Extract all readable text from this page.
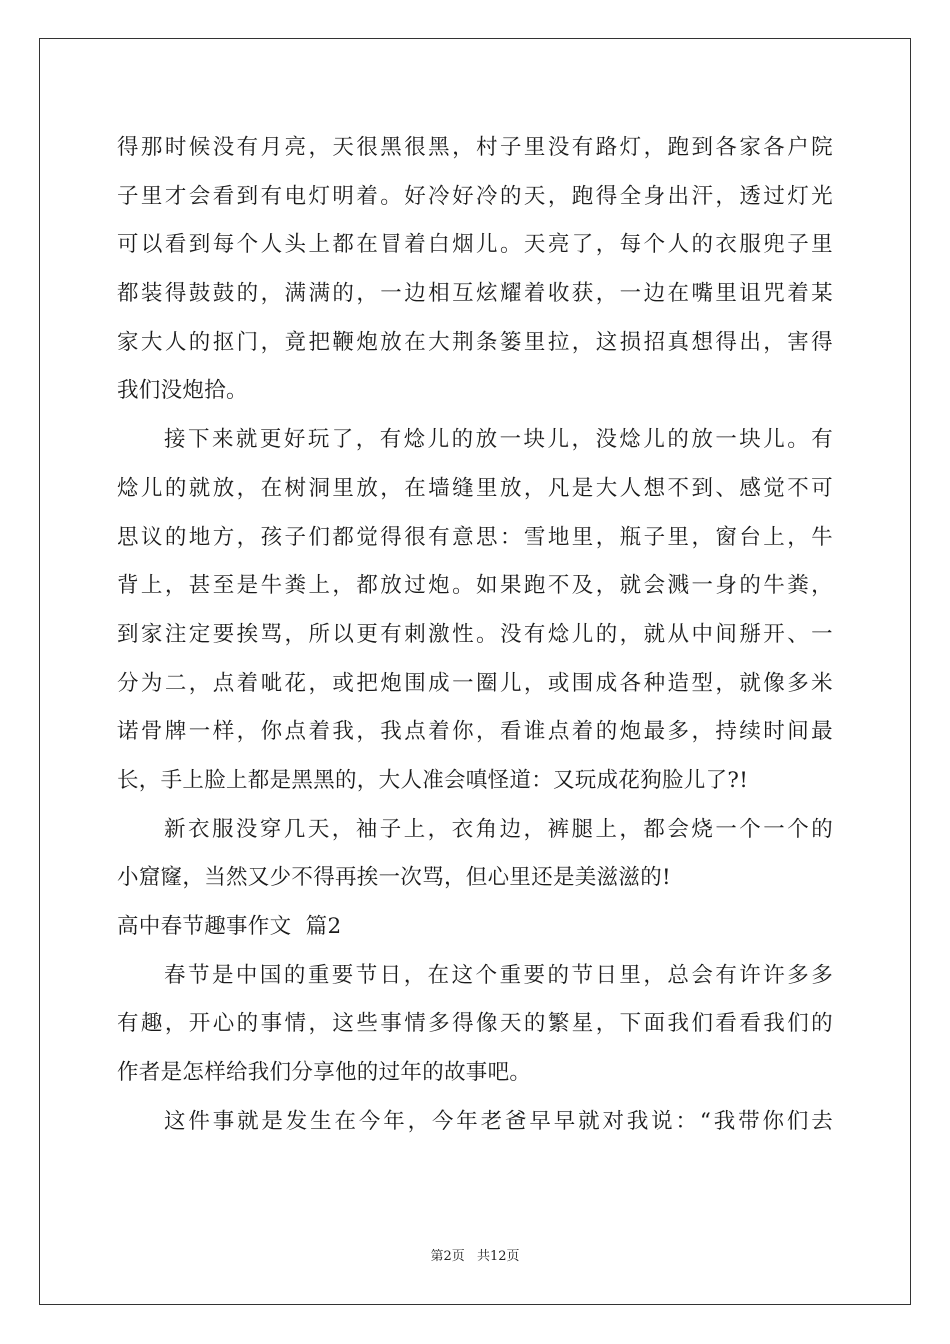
得那时候没有月亮，天很黑很黑，村子里没有路灯，跑到各家各户院
子里才会看到有电灯明着。好冷好冷的天，跑得全身出汗，透过灯光
可以看到每个人头上都在冒着白烟儿。天亮了，每个人的衣服兜子里
都装得鼓鼓的，满满的，一边相互炫耀着收获，一边在嘴里诅咒着某
家大人的抠门，竟把鞭炮放在大荆条篓里拉，这损招真想得出，害得
我们没炮拾。
接下来就更好玩了，有焾儿的放一块儿，没焾儿的放一块儿。有
焾儿的就放，在树洞里放，在墙缝里放，凡是大人想不到、感觉不可
思议的地方，孩子们都觉得很有意思：雪地里，瓶子里，窗台上，牛
背上，甚至是牛粪上，都放过炮。如果跑不及，就会溅一身的牛粪，
到家注定要挨骂，所以更有刺激性。没有焾儿的，就从中间掰开、一
分为二，点着呲花，或把炮围成一圈儿，或围成各种造型，就像多米
诺骨牌一样，你点着我，我点着你，看谁点着的炮最多，持续时间最
长，手上脸上都是黑黑的，大人准会嗔怪道：又玩成花狗脸儿了?!
新衣服没穿几天，袖子上，衣角边，裤腿上，都会烧一个一个的
小窟窿，当然又少不得再挨一次骂，但心里还是美滋滋的!
高中春节趣事作文  篇2
春节是中国的重要节日，在这个重要的节日里，总会有许许多多
有趣，开心的事情，这些事情多得像天的繁星，下面我们看看我们的
作者是怎样给我们分享他的过年的故事吧。
这件事就是发生在今年，今年老爸早早就对我说：“我带你们去
第2页 共12页
